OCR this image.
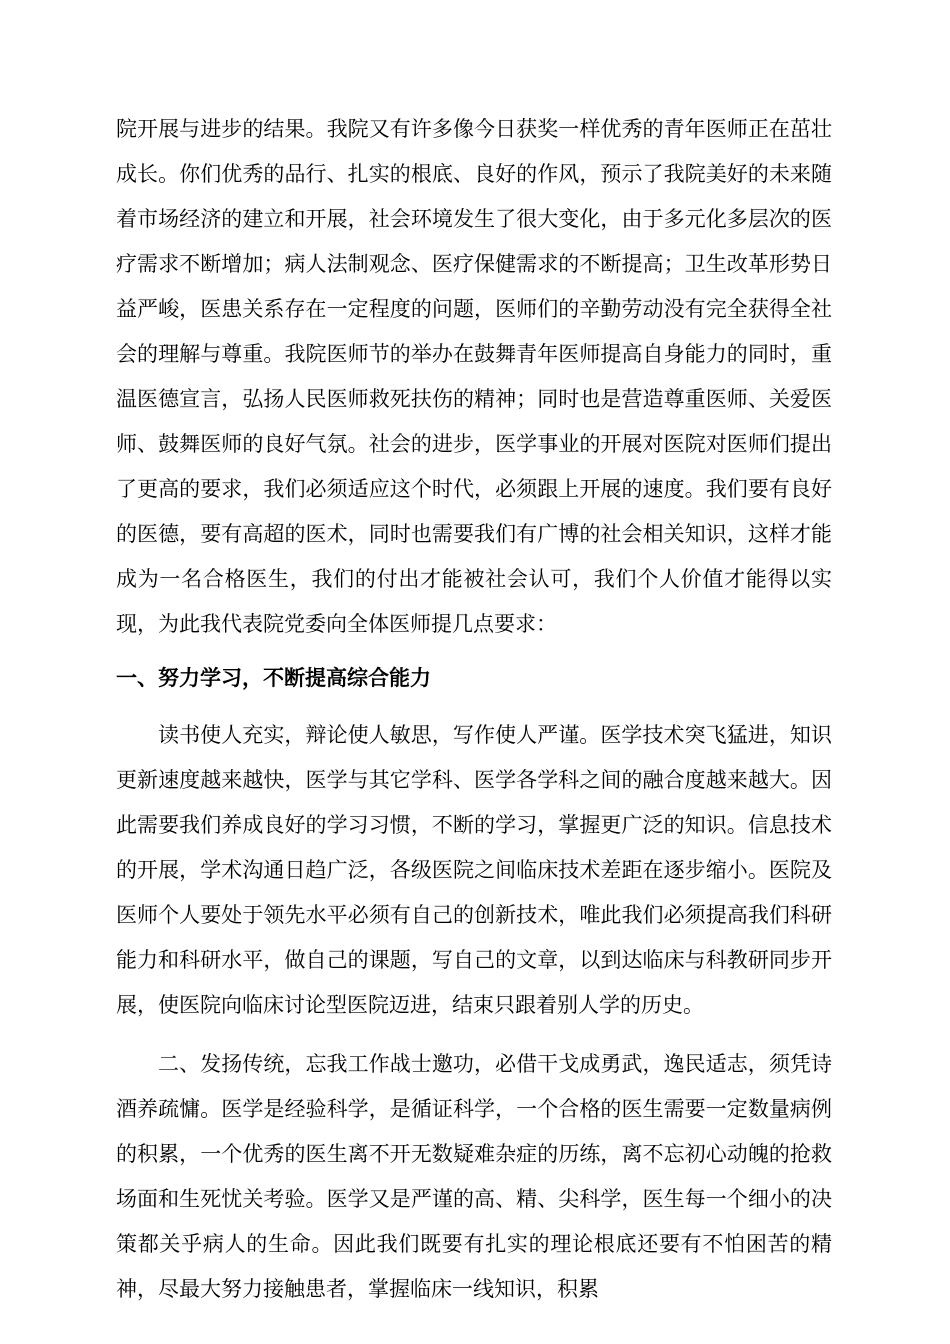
院开展与进步的结果。我院又有许多像今日获奖一样优秀的青年医师正在茁壮成长。你们优秀的品行、扎实的根底、良好的作风，预示了我院美好的未来随着市场经济的建立和开展，社会环境发生了很大变化，由于多元化多层次的医疗需求不断增加；病人法制观念、医疗保健需求的不断提高；卫生改革形势日益严峻，医患关系存在一定程度的问题，医师们的辛勤劳动没有完全获得全社会的理解与尊重。我院医师节的举办在鼓舞青年医师提高自身能力的同时，重温医德宣言，弘扬人民医师救死扶伤的精神；同时也是营造尊重医师、关爱医师、鼓舞医师的良好气氛。社会的进步，医学事业的开展对医院对医师们提出了更高的要求，我们必须适应这个时代，必须跟上开展的速度。我们要有良好的医德，要有高超的医术，同时也需要我们有广博的社会相关知识，这样才能成为一名合格医生，我们的付出才能被社会认可，我们个人价值才能得以实现，为此我代表院党委向全体医师提几点要求：

一、努力学习，不断提高综合能力

读书使人充实，辩论使人敏思，写作使人严谨。医学技术突飞猛进，知识更新速度越来越快，医学与其它学科、医学各学科之间的融合度越来越大。因此需要我们养成良好的学习习惯，不断的学习，掌握更广泛的知识。信息技术的开展，学术沟通日趋广泛，各级医院之间临床技术差距在逐步缩小。医院及医师个人要处于领先水平必须有自己的创新技术，唯此我们必须提高我们科研能力和科研水平，做自己的课题，写自己的文章，以到达临床与科教研同步开展，使医院向临床讨论型医院迈进，结束只跟着别人学的历史。

二、发扬传统，忘我工作战士邀功，必借干戈成勇武，逸民适志，须凭诗酒养疏慵。医学是经验科学，是循证科学，一个合格的医生需要一定数量病例的积累，一个优秀的医生离不开无数疑难杂症的历练，离不忘初心动魄的抢救场面和生死忧关考验。医学又是严谨的高、精、尖科学，医生每一个细小的决策都关乎病人的生命。因此我们既要有扎实的理论根底还要有不怕困苦的精神，尽最大努力接触患者，掌握临床一线知识，积累
